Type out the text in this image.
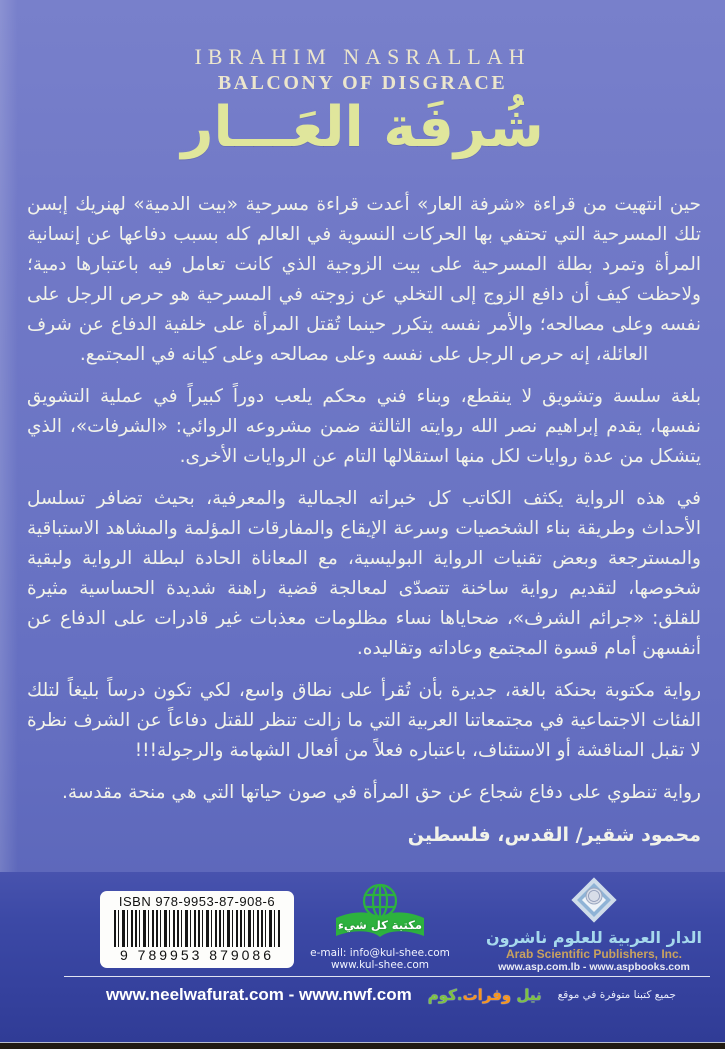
IBRAHIM NASRALLAH
BALCONY OF DISGRACE
شُرفَة العَـــار

حين انتهيت من قراءة «شرفة العار» أعدت قراءة مسرحية «بيت الدمية» لهنريك إبسن تلك المسرحية التي تحتفي بها الحركات النسوية في العالم كله بسبب دفاعها عن إنسانية المرأة وتمرد بطلة المسرحية على بيت الزوجية الذي كانت تعامل فيه باعتبارها دمية؛ ولاحظت كيف أن دافع الزوج إلى التخلي عن زوجته في المسرحية هو حرص الرجل على نفسه وعلى مصالحه؛ والأمر نفسه يتكرر حينما تُقتل المرأة على خلفية الدفاع عن شرف العائلة، إنه حرص الرجل على نفسه وعلى مصالحه وعلى كيانه في المجتمع.

بلغة سلسة وتشويق لا ينقطع، وبناء فني محكم يلعب دوراً كبيراً في عملية التشويق نفسها، يقدم إبراهيم نصر الله روايته الثالثة ضمن مشروعه الروائي: «الشرفات»، الذي يتشكل من عدة روايات لكل منها استقلالها التام عن الروايات الأخرى.

في هذه الرواية يكثف الكاتب كل خبراته الجمالية والمعرفية، بحيث تضافر تسلسل الأحداث وطريقة بناء الشخصيات وسرعة الإيقاع والمفارقات المؤلمة والمشاهد الاستباقية والمسترجعة وبعض تقنيات الرواية البوليسية، مع المعاناة الحادة لبطلة الرواية ولبقية شخوصها، لتقديم رواية ساخنة تتصدّى لمعالجة قضية راهنة شديدة الحساسية مثيرة للقلق: «جرائم الشرف»، ضحاياها نساء مظلومات معذبات غير قادرات على الدفاع عن أنفسهن أمام قسوة المجتمع وعاداته وتقاليده.

رواية مكتوبة بحنكة بالغة، جديرة بأن تُقرأ على نطاق واسع، لكي تكون درساً بليغاً لتلك الفئات الاجتماعية في مجتمعاتنا العربية التي ما زالت تنظر للقتل دفاعاً عن الشرف نظرة لا تقبل المناقشة أو الاستئناف، باعتباره فعلاً من أفعال الشهامة والرجولة!!!

رواية تنطوي على دفاع شجاع عن حق المرأة في صون حياتها التي هي منحة مقدسة.

محمود شقير/ القدس، فلسطين
ISBN 978-9953-87-908-6
9 789953 879086
مكتبة كل شيء
e-mail: info@kul-shee.com
www.kul-shee.com
الدار العربية للعلوم ناشرون
Arab Scientific Publishers, Inc.
www.asp.com.lb - www.aspbooks.com
www.neelwafurat.com - www.nwf.com	نيل وفرات.كوم	جميع كتبنا متوفرة في موقع
